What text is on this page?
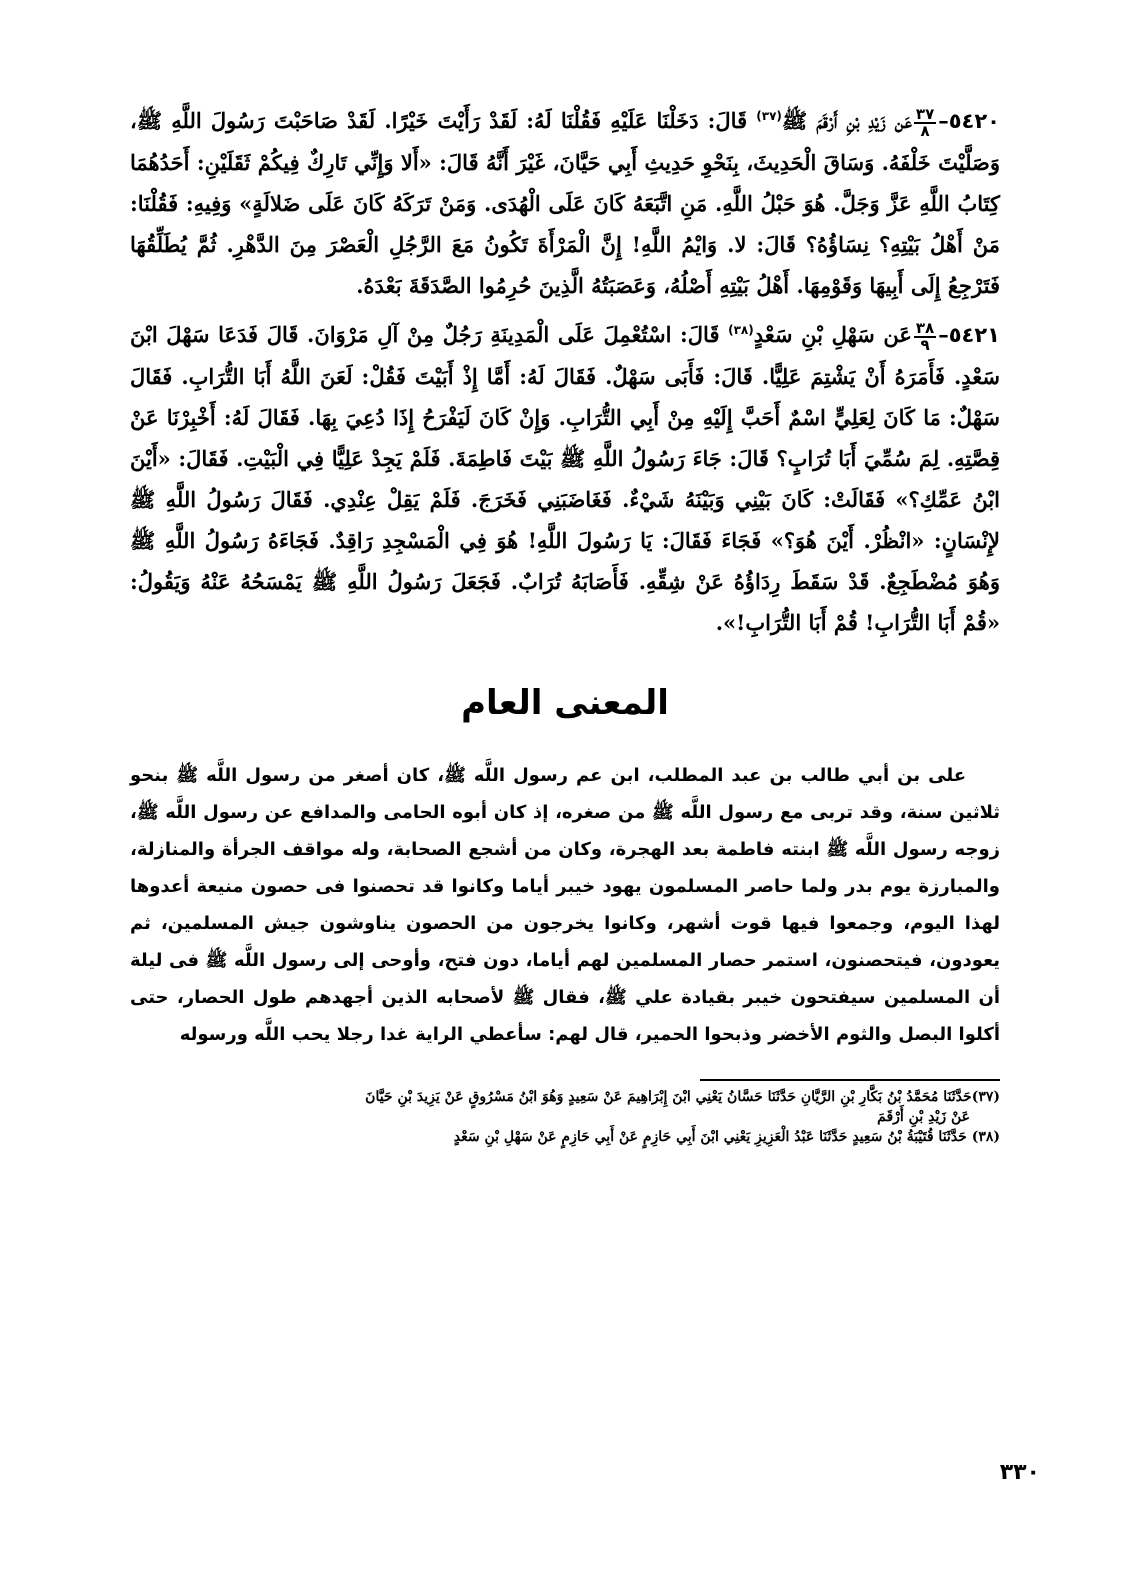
٥٤٢٠–
$\frac{٣٧}{٨}$
عَن زَيْدِ بْنِ أَرْقَمَ ﷺ$^{(٣٧)}$ قَالَ: دَخَلْنَا عَلَيْهِ فَقُلْنَا لَهُ: لَقَدْ رَأَيْتَ خَيْرًا. لَقَدْ صَاحَبْتَ رَسُولَ اللَّهِ ﷺ، وَصَلَّيْتَ خَلْفَهُ. وَسَاقَ الْحَدِيثَ، بِنَحْوِ حَدِيثِ أَبِي حَيَّانَ، غَيْرَ أَنَّهُ قَالَ: «أَلا وَإِنِّي تَارِكٌ فِيكُمْ ثَقَلَيْنِ: أَحَدُهُمَا كِتَابُ اللَّهِ عَزَّ وَجَلَّ. هُوَ حَبْلُ اللَّهِ. مَنِ اتَّبَعَهُ كَانَ عَلَى الْهُدَى. وَمَنْ تَرَكَهُ كَانَ عَلَى ضَلالَةٍ» وَفِيهِ: فَقُلْنَا: مَنْ أَهْلُ بَيْتِهِ؟ نِسَاؤُهُ؟ قَالَ: لا. وَايْمُ اللَّهِ! إِنَّ الْمَرْأَةَ تَكُونُ مَعَ الرَّجُلِ الْعَصْرَ مِنَ الدَّهْرِ. ثُمَّ يُطَلِّقُهَا فَتَرْجِعُ إِلَى أَبِيهَا وَقَوْمِهَا. أَهْلُ بَيْتِهِ أَصْلُهُ، وَعَصَبَتُهُ الَّذِينَ حُرِمُوا الصَّدَقَةَ بَعْدَهُ.

٥٤٢١–
$\frac{٣٨}{٩}$
عَن سَهْلِ بْنِ سَعْدٍ$^{(٣٨)}$ قَالَ: اسْتُعْمِلَ عَلَى الْمَدِينَةِ رَجُلٌ مِنْ آلِ مَرْوَانَ. قَالَ فَدَعَا سَهْلَ ابْنَ سَعْدٍ. فَأَمَرَهُ أَنْ يَشْتِمَ عَلِيًّا. قَالَ: فَأَبَى سَهْلٌ. فَقَالَ لَهُ: أَمَّا إِذْ أَبَيْتَ فَقُلْ: لَعَنَ اللَّهُ أَبَا التُّرَابِ. فَقَالَ سَهْلٌ: مَا كَانَ لِعَلِيٍّ اسْمٌ أَحَبَّ إِلَيْهِ مِنْ أَبِي التُّرَابِ. وَإِنْ كَانَ لَيَفْرَحُ إِذَا دُعِيَ بِهَا. فَقَالَ لَهُ: أَخْبِرْنَا عَنْ قِصَّتِهِ. لِمَ سُمِّيَ أَبَا تُرَابٍ؟ قَالَ: جَاءَ رَسُولُ اللَّهِ ﷺ بَيْتَ فَاطِمَةَ. فَلَمْ يَجِدْ عَلِيًّا فِي الْبَيْتِ. فَقَالَ: «أَيْنَ ابْنُ عَمِّكِ؟» فَقَالَتْ: كَانَ بَيْنِي وَبَيْنَهُ شَيْءٌ. فَغَاضَبَنِي فَخَرَجَ. فَلَمْ يَقِلْ عِنْدِي. فَقَالَ رَسُولُ اللَّهِ ﷺ لإِنْسَانٍ: «انْظُرْ. أَيْنَ هُوَ؟» فَجَاءَ فَقَالَ: يَا رَسُولَ اللَّهِ! هُوَ فِي الْمَسْجِدِ رَاقِدٌ. فَجَاءَهُ رَسُولُ اللَّهِ ﷺ وَهُوَ مُضْطَجِعٌ. قَدْ سَقَطَ رِدَاؤُهُ عَنْ شِقِّهِ. فَأَصَابَهُ تُرَابٌ. فَجَعَلَ رَسُولُ اللَّهِ ﷺ يَمْسَحُهُ عَنْهُ وَيَقُولُ: «قُمْ أَبَا التُّرَابِ! قُمْ أَبَا التُّرَابِ!».

المعنى العام

على بن أبي طالب بن عبد المطلب، ابن عم رسول اللَّه ﷺ، كان أصغر من رسول اللَّه ﷺ بنحو ثلاثين سنة، وقد تربى مع رسول اللَّه ﷺ من صغره، إذ كان أبوه الحامى والمدافع عن رسول اللَّه ﷺ، زوجه رسول اللَّه ﷺ ابنته فاطمة بعد الهجرة، وكان من أشجع الصحابة، وله مواقف الجرأة والمنازلة، والمبارزة يوم بدر ولما حاصر المسلمون يهود خيبر أياما وكانوا قد تحصنوا فى حصون منيعة أعدوها لهذا اليوم، وجمعوا فيها قوت أشهر، وكانوا يخرجون من الحصون يناوشون جيش المسلمين، ثم يعودون، فيتحصنون، استمر حصار المسلمين لهم أياما، دون فتح، وأوحى إلى رسول اللَّه ﷺ فى ليلة أن المسلمين سيفتحون خيبر بقيادة علي ﷺ، فقال ﷺ لأصحابه الذين أجهدهم طول الحصار، حتى أكلوا البصل والثوم الأخضر وذبحوا الحمير، قال لهم: سأعطي الراية غدا رجلا يحب اللَّه ورسوله

(٣٧)حَدَّثَنَا مُحَمَّدُ بْنُ بَكَّارِ بْنِ الرَّيَّانِ حَدَّثَنَا حَسَّانُ يَعْنِي ابْنَ إِبْرَاهِيمَ عَنْ سَعِيدٍ وَهُوَ ابْنُ مَسْرُوقٍ عَنْ يَزِيدَ بْنِ حَيَّانَ
عَنْ زَيْدِ بْنِ أَرْقَمَ

(٣٨) حَدَّثَنَا قُتَيْبَةُ بْنُ سَعِيدٍ حَدَّثَنَا عَبْدُ الْعَزِيزِ يَعْنِي ابْنَ أَبِي حَازِمٍ عَنْ أَبِي حَازِمٍ عَنْ سَهْلِ بْنِ سَعْدٍ

٣٣٠
